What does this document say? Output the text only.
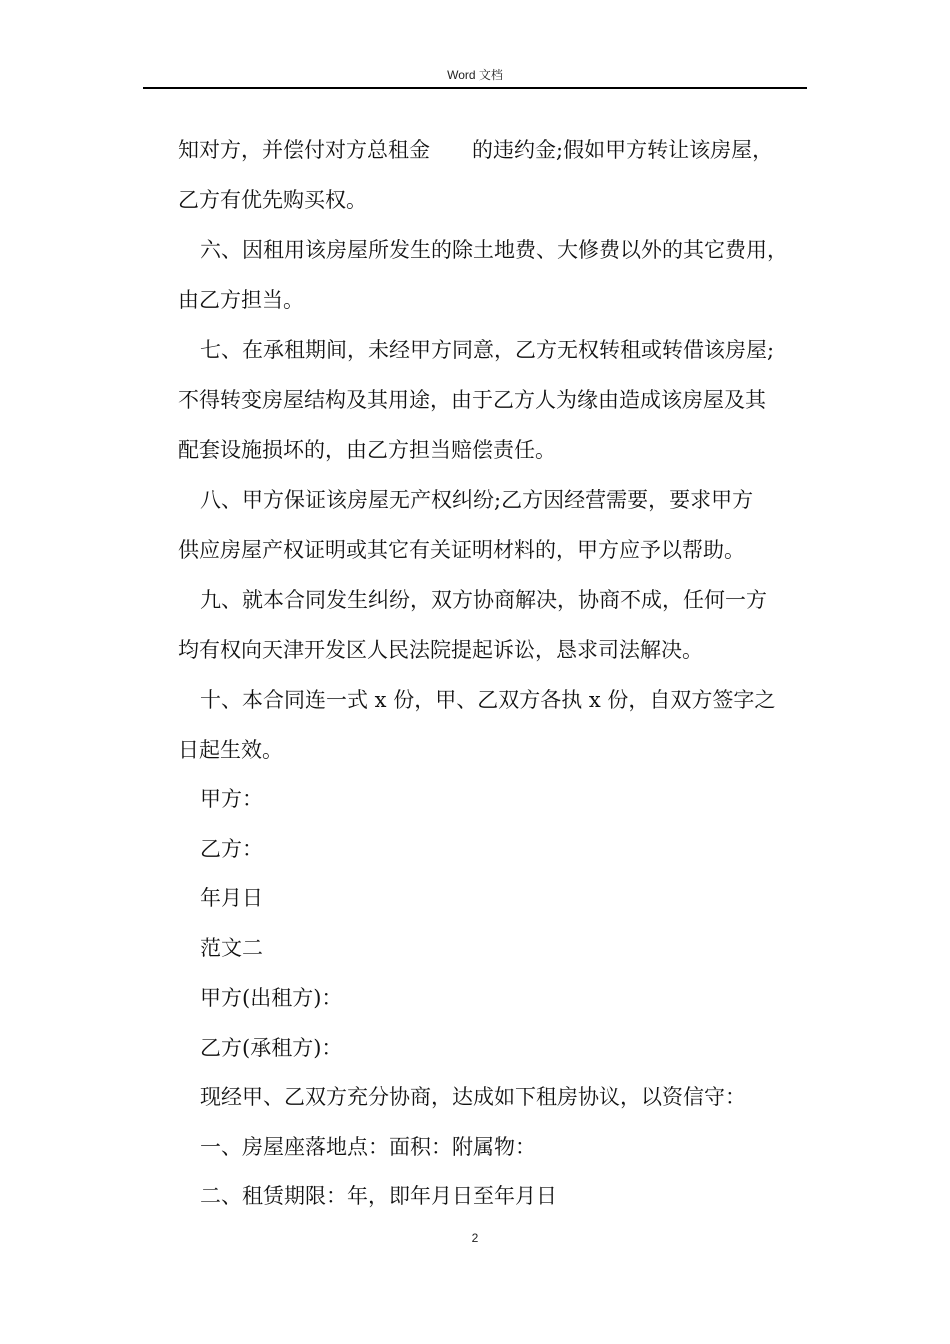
Word 文档
知对方，并偿付对方总租金　　的违约金;假如甲方转让该房屋，
乙方有优先购买权。
六、因租用该房屋所发生的除土地费、大修费以外的其它费用，
由乙方担当。
七、在承租期间，未经甲方同意，乙方无权转租或转借该房屋;
不得转变房屋结构及其用途，由于乙方人为缘由造成该房屋及其
配套设施损坏的，由乙方担当赔偿责任。
八、甲方保证该房屋无产权纠纷;乙方因经营需要，要求甲方
供应房屋产权证明或其它有关证明材料的，甲方应予以帮助。
九、就本合同发生纠纷，双方协商解决，协商不成，任何一方
均有权向天津开发区人民法院提起诉讼，恳求司法解决。
十、本合同连一式 x 份，甲、乙双方各执 x 份，自双方签字之
日起生效。
甲方：
乙方：
年月日
范文二
甲方(出租方)：
乙方(承租方)：
现经甲、乙双方充分协商，达成如下租房协议，以资信守：
一、房屋座落地点：面积：附属物：
二、租赁期限：年，即年月日至年月日
2
